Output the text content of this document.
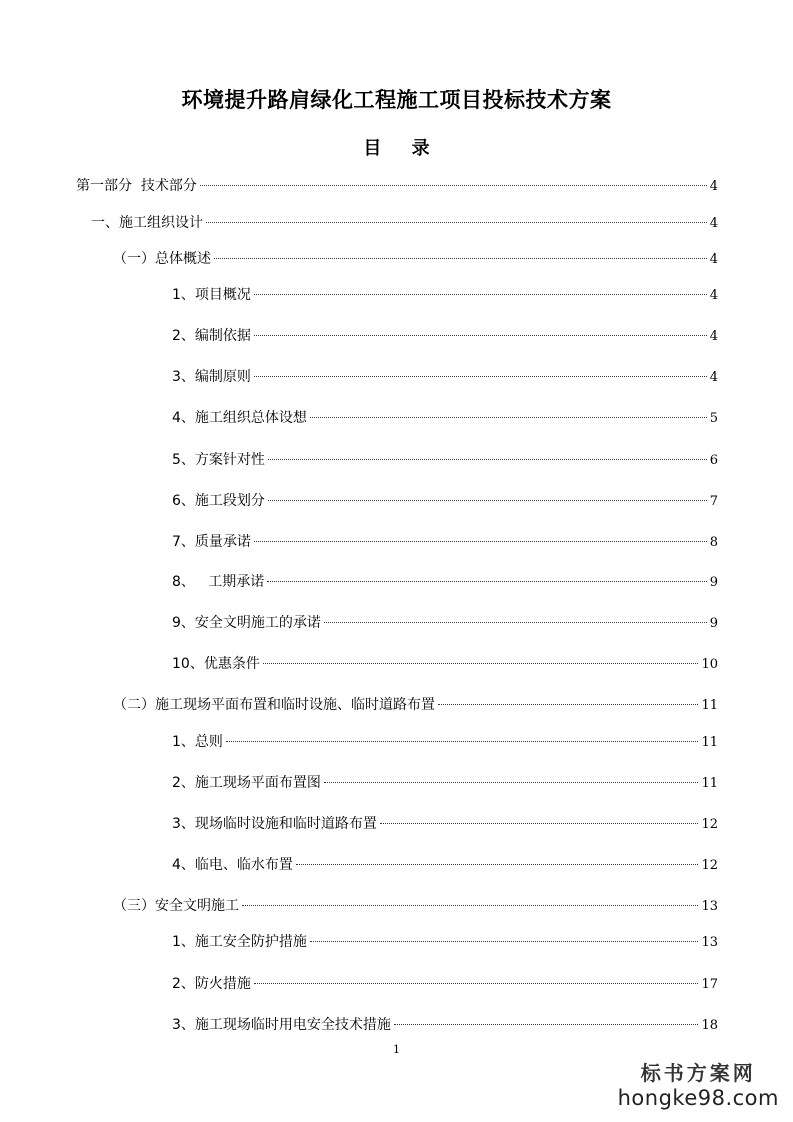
环境提升路肩绿化工程施工项目投标技术方案
目 录
第一部分  技术部分	4
一、施工组织设计	4
（一）总体概述	4
1、项目概况	4
2、编制依据	4
3、编制原则	4
4、施工组织总体设想	5
5、方案针对性	6
6、施工段划分	7
7、质量承诺	8
8、   工期承诺	9
9、安全文明施工的承诺	9
10、优惠条件	10
（二）施工现场平面布置和临时设施、临时道路布置	11
1、总则	11
2、施工现场平面布置图	11
3、现场临时设施和临时道路布置	12
4、临电、临水布置	12
（三）安全文明施工	13
1、施工安全防护措施	13
2、防火措施	17
3、施工现场临时用电安全技术措施	18
1
标书方案网
hongke98.com
